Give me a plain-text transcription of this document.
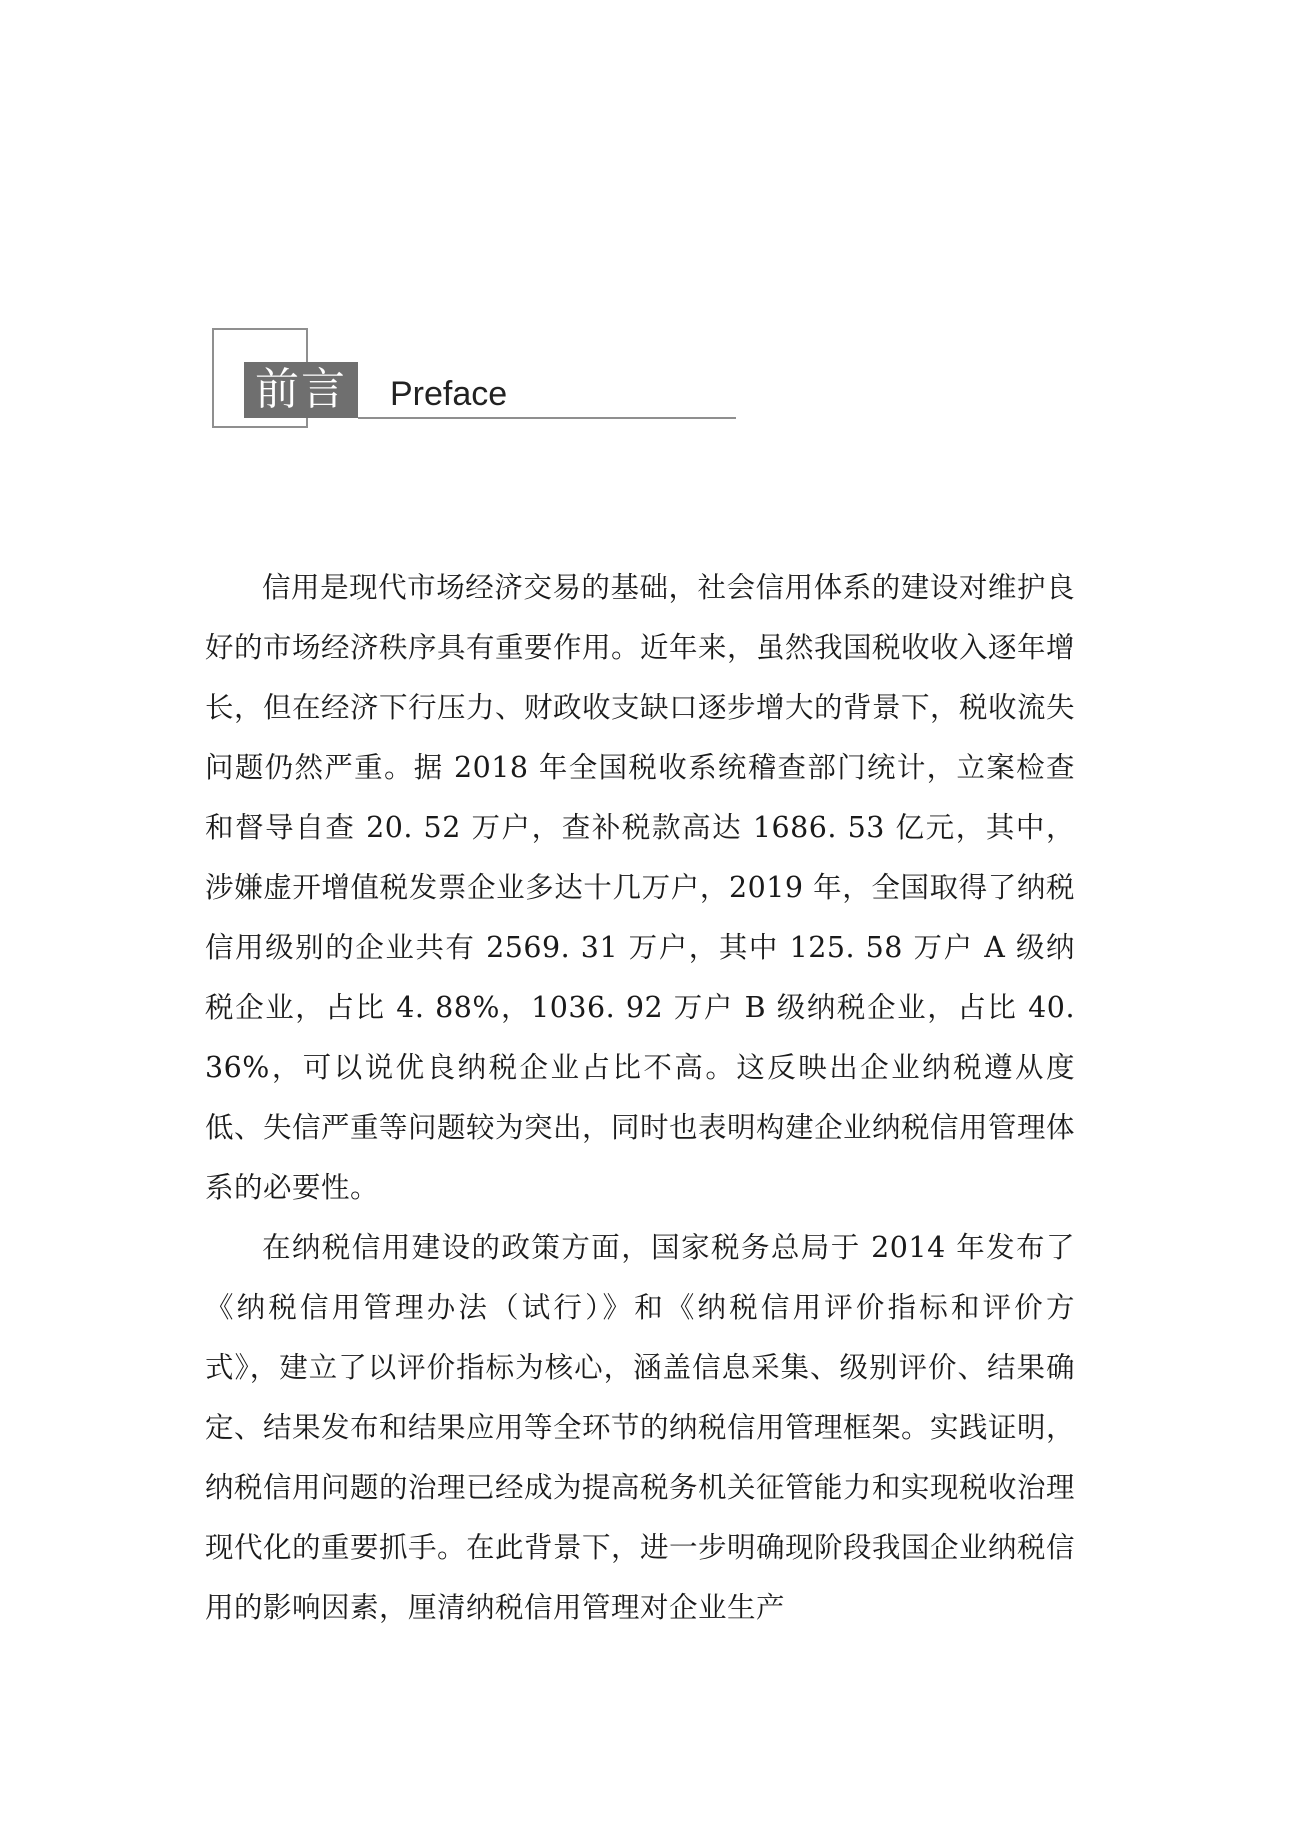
前言	Preface

信用是现代市场经济交易的基础，社会信用体系的建设对维护良好的市场经济秩序具有重要作用。近年来，虽然我国税收收入逐年增长，但在经济下行压力、财政收支缺口逐步增大的背景下，税收流失问题仍然严重。据 2018 年全国税收系统稽查部门统计，立案检查和督导自查 20. 52 万户，查补税款高达 1686. 53 亿元，其中，涉嫌虚开增值税发票企业多达十几万户，2019 年，全国取得了纳税信用级别的企业共有 2569. 31 万户，其中 125. 58 万户 A 级纳税企业，占比 4. 88%，1036. 92 万户 B 级纳税企业，占比 40. 36%，可以说优良纳税企业占比不高。这反映出企业纳税遵从度低、失信严重等问题较为突出，同时也表明构建企业纳税信用管理体系的必要性。

在纳税信用建设的政策方面，国家税务总局于 2014 年发布了《纳税信用管理办法（试行）》和《纳税信用评价指标和评价方式》，建立了以评价指标为核心，涵盖信息采集、级别评价、结果确定、结果发布和结果应用等全环节的纳税信用管理框架。实践证明，纳税信用问题的治理已经成为提高税务机关征管能力和实现税收治理现代化的重要抓手。在此背景下，进一步明确现阶段我国企业纳税信用的影响因素，厘清纳税信用管理对企业生产
